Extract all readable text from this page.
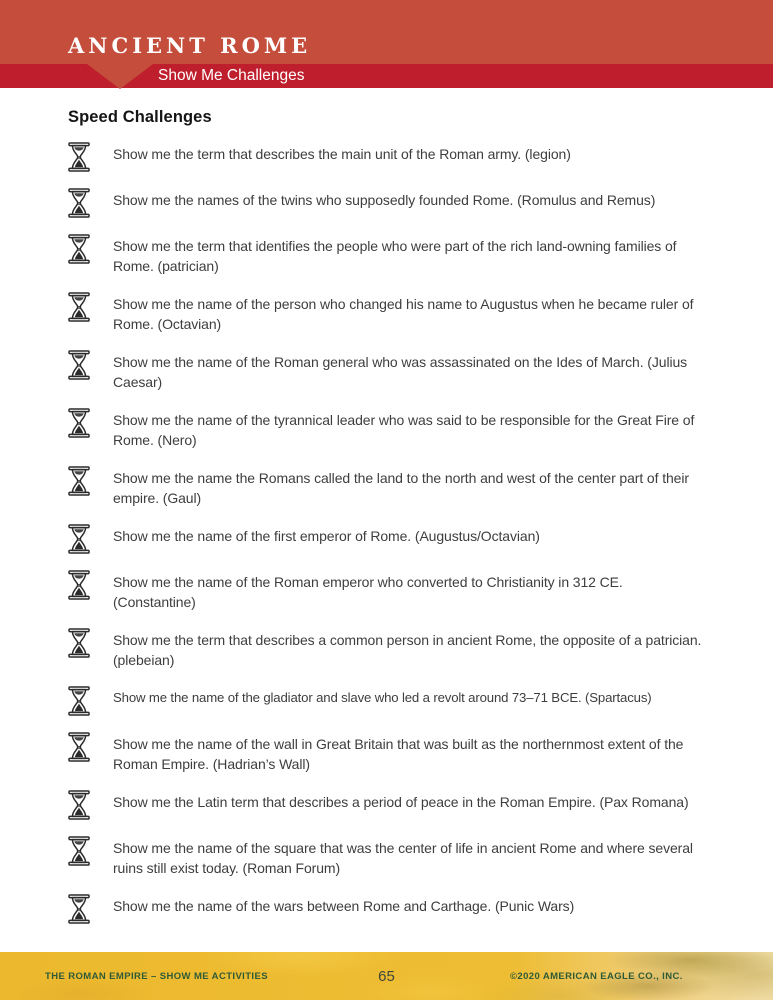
ANCIENT ROME
Show Me Challenges
Speed Challenges
Show me the term that describes the main unit of the Roman army. (legion)
Show me the names of the twins who supposedly founded Rome. (Romulus and Remus)
Show me the term that identifies the people who were part of the rich land-owning families of Rome. (patrician)
Show me the name of the person who changed his name to Augustus when he became ruler of Rome. (Octavian)
Show me the name of the Roman general who was assassinated on the Ides of March. (Julius Caesar)
Show me the name of the tyrannical leader who was said to be responsible for the Great Fire of Rome. (Nero)
Show me the name the Romans called the land to the north and west of the center part of their empire. (Gaul)
Show me the name of the first emperor of Rome. (Augustus/Octavian)
Show me the name of the Roman emperor who converted to Christianity in 312 CE. (Constantine)
Show me the term that describes a common person in ancient Rome, the opposite of a patrician. (plebeian)
Show me the name of the gladiator and slave who led a revolt around 73–71 BCE. (Spartacus)
Show me the name of the wall in Great Britain that was built as the northernmost extent of the Roman Empire. (Hadrian’s Wall)
Show me the Latin term that describes a period of peace in the Roman Empire. (Pax Romana)
Show me the name of the square that was the center of life in ancient Rome and where several ruins still exist today. (Roman Forum)
Show me the name of the wars between Rome and Carthage. (Punic Wars)
THE ROMAN EMPIRE – SHOW ME ACTIVITIES	65	©2020 AMERICAN EAGLE CO., INC.
